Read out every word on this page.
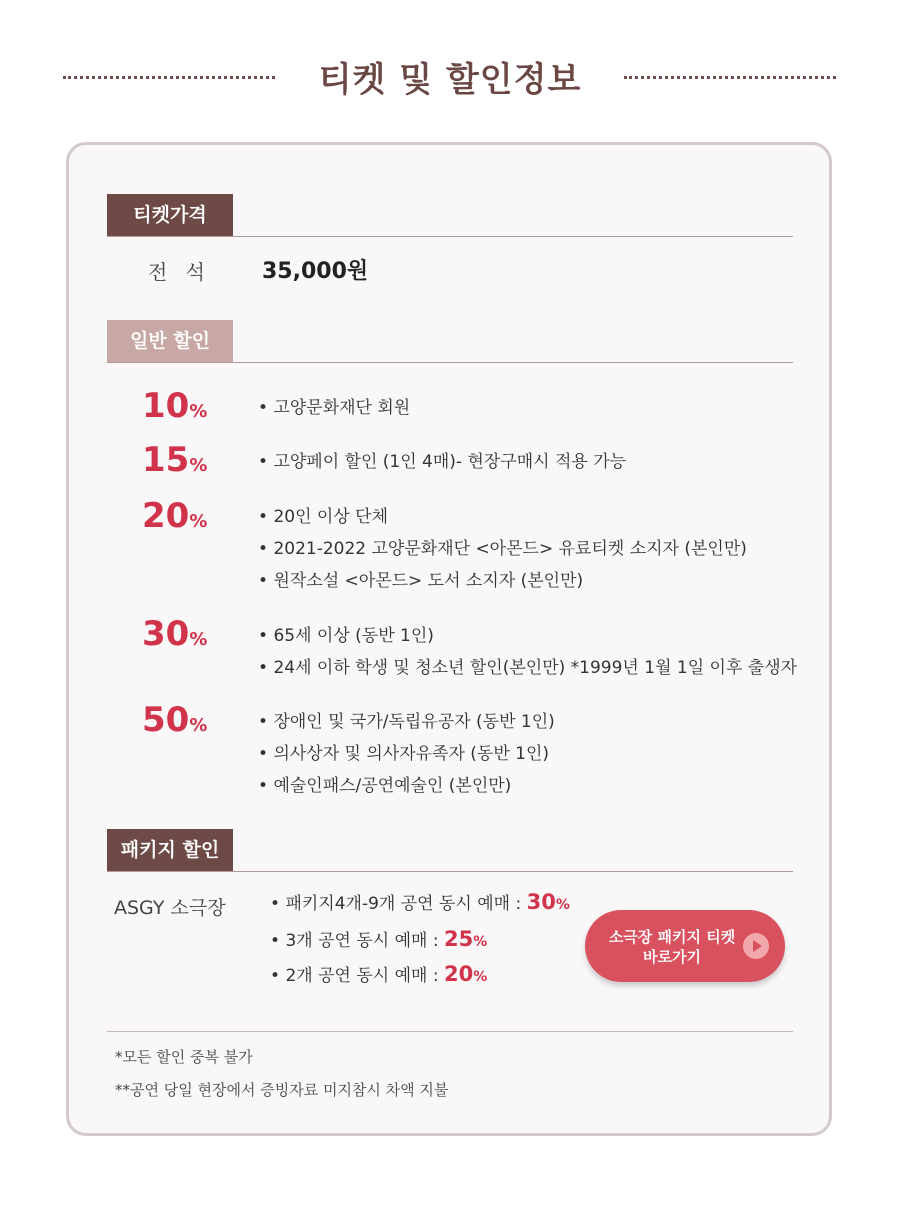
티켓 및 할인정보
티켓가격
전 석 35,000원
일반 할인
10%	• 고양문화재단 회원
15%	• 고양페이 할인 (1인 4매)- 현장구매시 적용 가능
20%	• 20인 이상 단체
• 2021-2022 고양문화재단 <아몬드> 유료티켓 소지자 (본인만)
• 원작소설 <아몬드> 도서 소지자 (본인만)
30%	• 65세 이상 (동반 1인)
• 24세 이하 학생 및 청소년 할인(본인만) *1999년 1월 1일 이후 출생자
50%	• 장애인 및 국가/독립유공자 (동반 1인)
• 의사상자 및 의사자유족자 (동반 1인)
• 예술인패스/공연예술인 (본인만)
패키지 할인
ASGY 소극장	• 패키지4개-9개 공연 동시 예매 : 30%
• 3개 공연 동시 예매 : 25%
• 2개 공연 동시 예매 : 20%
소극장 패키지 티켓
바로가기
*모든 할인 중복 불가
**공연 당일 현장에서 증빙자료 미지참시 차액 지불
